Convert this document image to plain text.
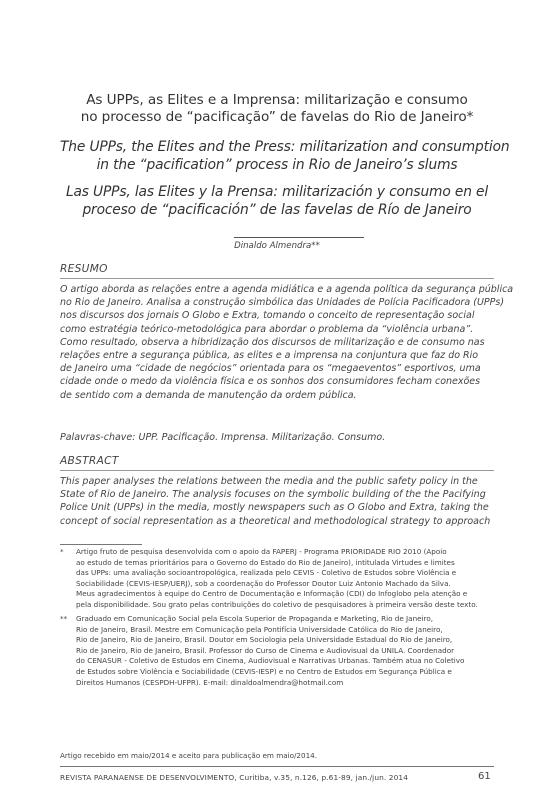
As UPPs, as Elites e a Imprensa: militarização e consumo
no processo de “pacificação” de favelas do Rio de Janeiro*
The UPPs, the Elites and the Press: militarization and consumption
in the “pacification” process in Rio de Janeiro’s slums
Las UPPs, las Elites y la Prensa: militarización y consumo en el
proceso de “pacificación” de las favelas de Río de Janeiro
Dinaldo Almendra**
RESUMO
O artigo aborda as relações entre a agenda midiática e a agenda política da segurança pública
no Rio de Janeiro. Analisa a construção simbólica das Unidades de Polícia Pacificadora (UPPs)
nos discursos dos jornais O Globo e Extra, tomando o conceito de representação social
como estratégia teórico-metodológica para abordar o problema da “violência urbana”.
Como resultado, observa a hibridização dos discursos de militarização e de consumo nas
relações entre a segurança pública, as elites e a imprensa na conjuntura que faz do Rio
de Janeiro uma “cidade de negócios” orientada para os “megaeventos” esportivos, uma
cidade onde o medo da violência física e os sonhos dos consumidores fecham conexões
de sentido com a demanda de manutenção da ordem pública.
Palavras-chave: UPP. Pacificação. Imprensa. Militarização. Consumo.
ABSTRACT
This paper analyses the relations between the media and the public safety policy in the
State of Rio de Janeiro. The analysis focuses on the symbolic building of the the Pacifying
Police Unit (UPPs) in the media, mostly newspapers such as O Globo and Extra, taking the
concept of social representation as a theoretical and methodological strategy to approach
* Artigo fruto de pesquisa desenvolvida com o apoio da FAPERJ - Programa PRIORIDADE RIO 2010 (Apoio
ao estudo de temas prioritários para o Governo do Estado do Rio de Janeiro), intitulada Virtudes e limites
das UPPs: uma avaliação socioantropológica, realizada pelo CEVIS - Coletivo de Estudos sobre Violência e
Sociabilidade (CEVIS-IESP/UERJ), sob a coordenação do Professor Doutor Luiz Antonio Machado da Silva.
Meus agradecimentos à equipe do Centro de Documentação e Informação (CDI) do Infoglobo pela atenção e
pela disponibilidade. Sou grato pelas contribuições do coletivo de pesquisadores à primeira versão deste texto.
** Graduado em Comunicação Social pela Escola Superior de Propaganda e Marketing, Rio de Janeiro,
Rio de Janeiro, Brasil. Mestre em Comunicação pela Pontifícia Universidade Católica do Rio de Janeiro,
Rio de Janeiro, Rio de Janeiro, Brasil. Doutor em Sociologia pela Universidade Estadual do Rio de Janeiro,
Rio de Janeiro, Rio de Janeiro, Brasil. Professor do Curso de Cinema e Audiovisual da UNILA. Coordenador
do CENASUR - Coletivo de Estudos em Cinema, Audiovisual e Narrativas Urbanas. Também atua no Coletivo
de Estudos sobre Violência e Sociabilidade (CEVIS-IESP) e no Centro de Estudos em Segurança Pública e
Direitos Humanos (CESPDH-UFPR). E-mail: dinaldoalmendra@hotmail.com
Artigo recebido em maio/2014 e aceito para publicação em maio/2014.
REVISTA PARANAENSE DE DESENVOLVIMENTO, Curitiba, v.35, n.126, p.61-89, jan./jun. 2014	61
